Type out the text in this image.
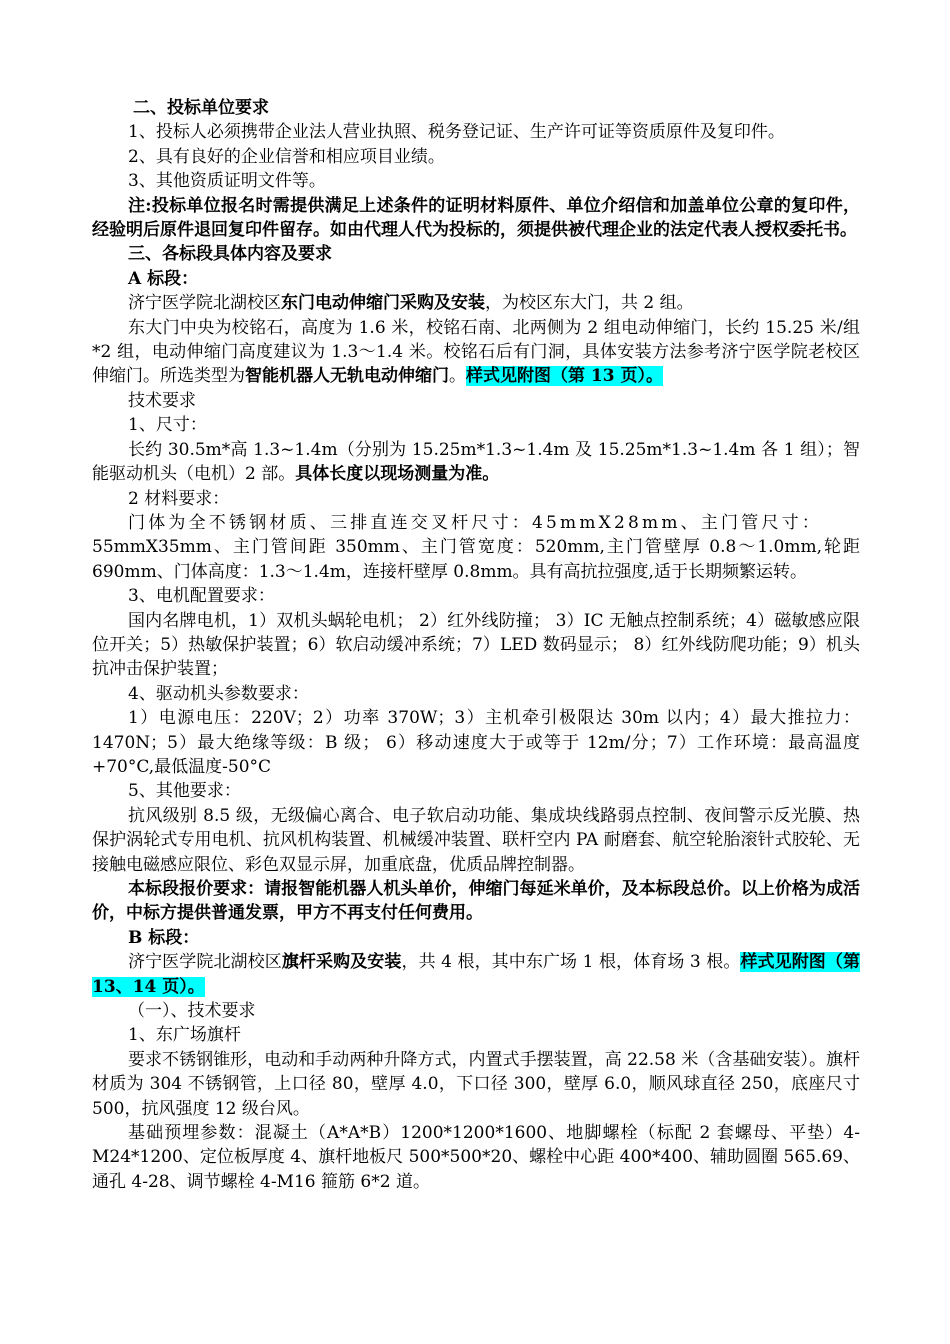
二、投标单位要求

1、投标人必须携带企业法人营业执照、税务登记证、生产许可证等资质原件及复印件。

2、具有良好的企业信誉和相应项目业绩。

3、其他资质证明文件等。

注:投标单位报名时需提供满足上述条件的证明材料原件、单位介绍信和加盖单位公章的复印件，经验明后原件退回复印件留存。如由代理人代为投标的，须提供被代理企业的法定代表人授权委托书。

三、各标段具体内容及要求

A 标段：

济宁医学院北湖校区东门电动伸缩门采购及安装，为校区东大门，共 2 组。

东大门中央为校铭石，高度为 1.6 米，校铭石南、北两侧为 2 组电动伸缩门，长约 15.25 米/组*2 组，电动伸缩门高度建议为 1.3～1.4 米。校铭石后有门洞，具体安装方法参考济宁医学院老校区伸缩门。所选类型为智能机器人无轨电动伸缩门。样式见附图（第 13 页）。

技术要求

1、尺寸：

长约 30.5m*高 1.3~1.4m（分别为 15.25m*1.3~1.4m 及 15.25m*1.3~1.4m 各 1 组）；智能驱动机头（电机）2 部。具体长度以现场测量为准。

2 材料要求：

门体为全不锈钢材质、三排直连交叉杆尺寸：45mmX28mm、主门管尺寸：

55mmX35mm、主门管间距 350mm、主门管宽度：520mm,主门管壁厚 0.8～1.0mm,轮距 690mm、门体高度：1.3～1.4m，连接杆壁厚 0.8mm。具有高抗拉强度,适于长期频繁运转。

3、电机配置要求：

国内名牌电机，1）双机头蜗轮电机； 2）红外线防撞； 3）IC 无触点控制系统；4）磁敏感应限位开关；5）热敏保护装置；6）软启动缓冲系统；7）LED 数码显示； 8）红外线防爬功能；9）机头抗冲击保护装置；

4、驱动机头参数要求：

1）电源电压：220V；2）功率 370W；3）主机牵引极限达 30m 以内；4）最大推拉力：1470N；5）最大绝缘等级：B 级； 6）移动速度大于或等于 12m/分；7）工作环境：最高温度+70°C,最低温度-50°C

5、其他要求：

抗风级别 8.5 级，无级偏心离合、电子软启动功能、集成块线路弱点控制、夜间警示反光膜、热保护涡轮式专用电机、抗风机构装置、机械缓冲装置、联杆空内 PA 耐磨套、航空轮胎滚针式胶轮、无接触电磁感应限位、彩色双显示屏，加重底盘，优质品牌控制器。

本标段报价要求：请报智能机器人机头单价，伸缩门每延米单价，及本标段总价。以上价格为成活价，中标方提供普通发票，甲方不再支付任何费用。

B 标段：

济宁医学院北湖校区旗杆采购及安装，共 4 根，其中东广场 1 根，体育场 3 根。样式见附图（第 13、14 页）。

（一）、技术要求

1、东广场旗杆

要求不锈钢锥形，电动和手动两种升降方式，内置式手摆装置，高 22.58 米（含基础安装）。旗杆材质为 304 不锈钢管，上口径 80，壁厚 4.0，下口径 300，壁厚 6.0，顺风球直径 250，底座尺寸 500，抗风强度 12 级台风。

基础预埋参数：混凝土（A*A*B）1200*1200*1600、地脚螺栓（标配 2 套螺母、平垫）4-M24*1200、定位板厚度 4、旗杆地板尺 500*500*20、螺栓中心距 400*400、辅助圆圈 565.69、通孔 4-28、调节螺栓 4-M16 箍筋 6*2 道。
